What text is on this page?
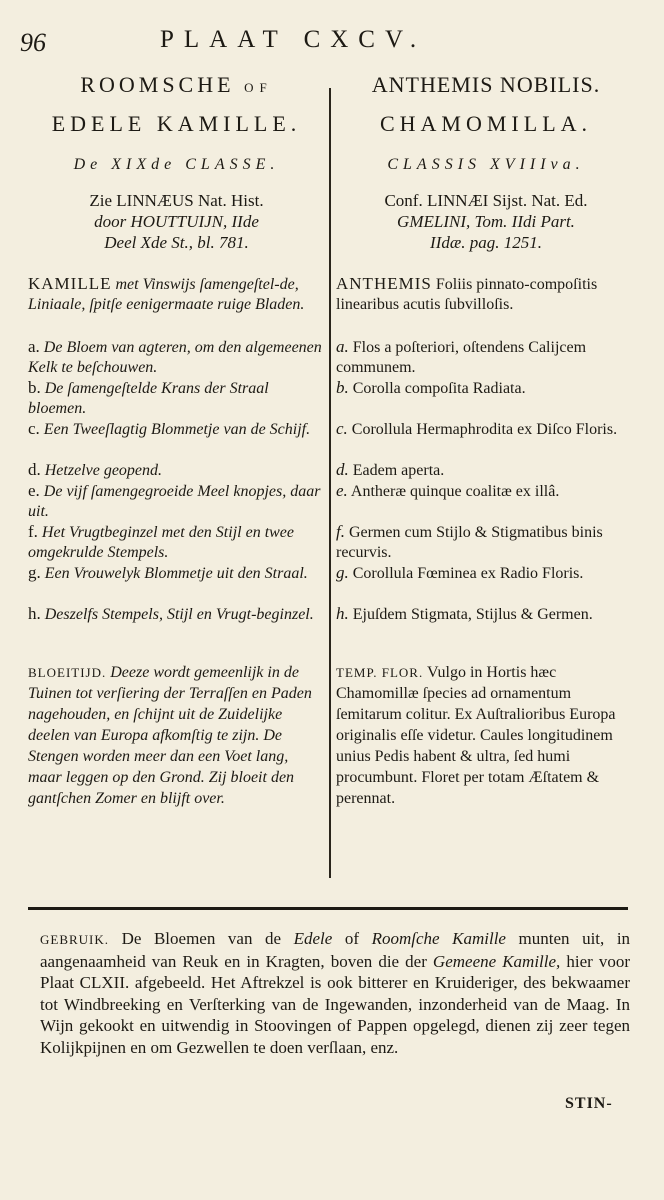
96	PLAAT CXCV.
ROOMSCHE OF
EDELE KAMILLE.
De XIXde CLASSE.
Zie LINNÆUS Nat. Hist.
door HOUTTUIJN, IIde
Deel Xde St., bl. 781.
KAMILLE met Vinswijs ſamengeſtel-de, Liniaale, ſpitſe eenigermaate ruige Bladen.
a. De Bloem van agteren, om den algemeenen Kelk te beſchouwen.
b. De ſamengeſtelde Krans der Straal bloemen.
c. Een Tweeſlagtig Blommetje van de Schijf.
d. Hetzelve geopend.
e. De vijf ſamengegroeide Meel knopjes, daar uit.
f. Het Vrugtbeginzel met den Stijl en twee omgekrulde Stempels.
g. Een Vrouwelyk Blommetje uit den Straal.
h. Deszelfs Stempels, Stijl en Vrugt-beginzel.
BLOEITIJD. Deeze wordt gemeenlijk in de Tuinen tot verſiering der Terraſſen en Paden nagehouden, en ſchijnt uit de Zuidelijke deelen van Europa afkomſtig te zijn. De Stengen worden meer dan een Voet lang, maar leggen op den Grond. Zij bloeit den gantſchen Zomer en blijft over.
ANTHEMIS NOBILIS.
CHAMOMILLA.
CLASSIS XVIIIva.
Conf. LINNÆI Sijst. Nat. Ed.
GMELINI, Tom. IIdi Part.
IIdæ. pag. 1251.
ANTHEMIS Foliis pinnato-compoſitis linearibus acutis ſubvilloſis.
a. Flos a poſteriori, oſtendens Calijcem communem.
b. Corolla compoſita Radiata.
c. Corollula Hermaphrodita ex Diſco Floris.
d. Eadem aperta.
e. Antheræ quinque coalitæ ex illâ.
f. Germen cum Stijlo & Stigmatibus binis recurvis.
g. Corollula Fœminea ex Radio Floris.
h. Ejuſdem Stigmata, Stijlus & Germen.
TEMP. FLOR. Vulgo in Hortis hæc Chamomillæ ſpecies ad ornamentum ſemitarum colitur. Ex Auſtralioribus Europa originalis eſſe videtur. Caules longitudinem unius Pedis habent & ultra, ſed humi procumbunt. Floret per totam Æſtatem & perennat.
GEBRUIK. De Bloemen van de Edele of Roomſche Kamille munten uit, in aangenaamheid van Reuk en in Kragten, boven die der Gemeene Kamille, hier voor Plaat CLXII. afgebeeld. Het Aftrekzel is ook bitterer en Kruideriger, des bekwaamer tot Windbreeking en Verſterking van de Ingewanden, inzonderheid van de Maag. In Wijn gekookt en uitwendig in Stoovingen of Pappen opgelegd, dienen zij zeer tegen Kolijkpijnen en om Gezwellen te doen verſlaan, enz.
STIN-
